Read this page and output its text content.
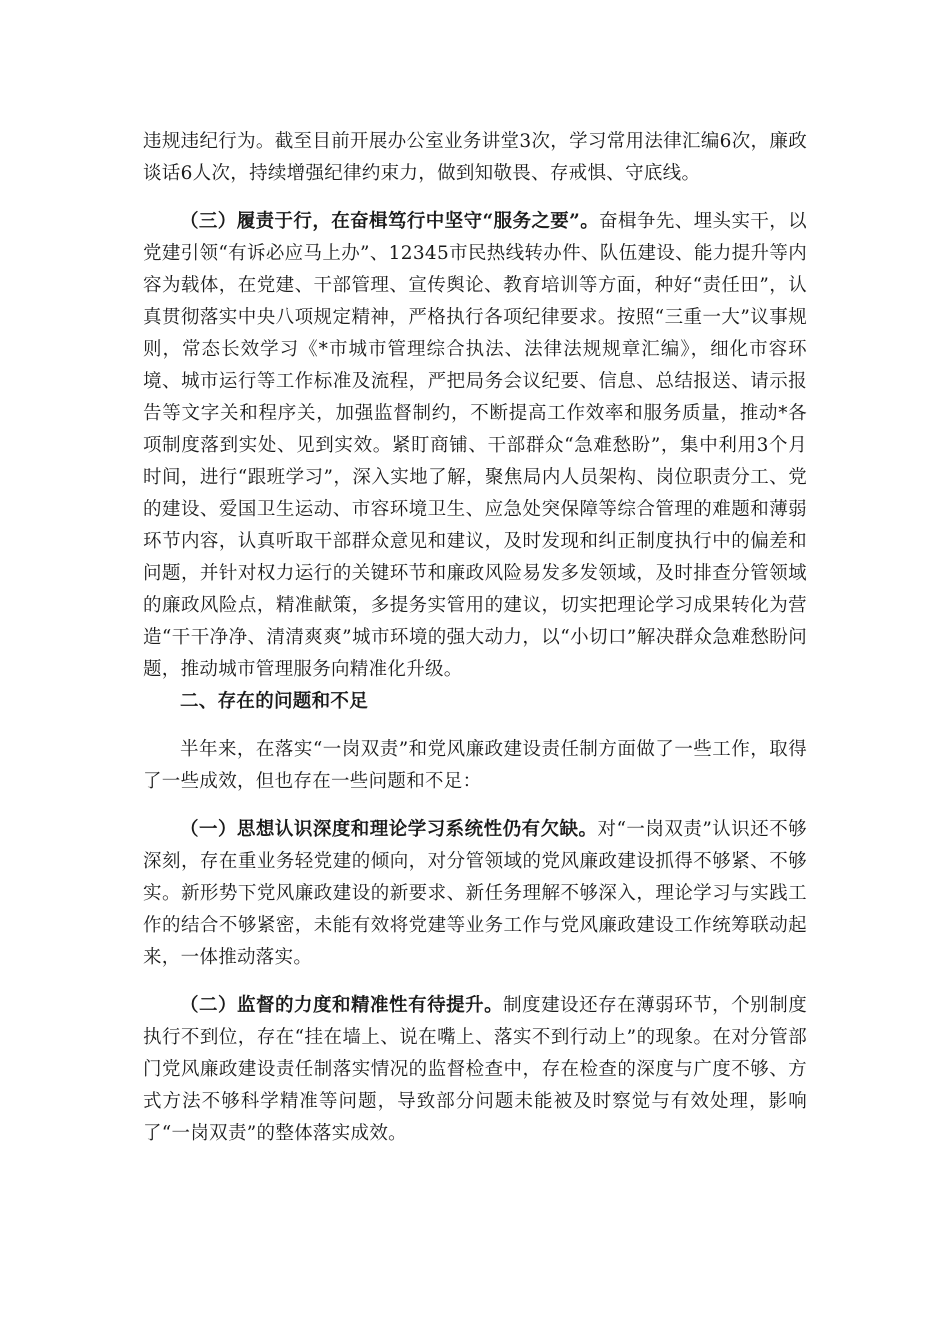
违规违纪行为。截至目前开展办公室业务讲堂3次，学习常用法律汇编6次，廉政谈话6人次，持续增强纪律约束力，做到知敬畏、存戒惧、守底线。

（三）履责于行，在奋楫笃行中坚守“服务之要”。奋楫争先、埋头实干，以党建引领“有诉必应马上办”、12345市民热线转办件、队伍建设、能力提升等内容为载体，在党建、干部管理、宣传舆论、教育培训等方面，种好“责任田”，认真贯彻落实中央八项规定精神，严格执行各项纪律要求。按照“三重一大”议事规则，常态长效学习《*市城市管理综合执法、法律法规规章汇编》，细化市容环境、城市运行等工作标准及流程，严把局务会议纪要、信息、总结报送、请示报告等文字关和程序关，加强监督制约，不断提高工作效率和服务质量，推动*各项制度落到实处、见到实效。紧盯商铺、干部群众“急难愁盼”，集中利用3个月时间，进行“跟班学习”，深入实地了解，聚焦局内人员架构、岗位职责分工、党的建设、爱国卫生运动、市容环境卫生、应急处突保障等综合管理的难题和薄弱环节内容，认真听取干部群众意见和建议，及时发现和纠正制度执行中的偏差和问题，并针对权力运行的关键环节和廉政风险易发多发领域，及时排查分管领域的廉政风险点，精准献策，多提务实管用的建议，切实把理论学习成果转化为营造“干干净净、清清爽爽”城市环境的强大动力，以“小切口”解决群众急难愁盼问题，推动城市管理服务向精准化升级。

二、存在的问题和不足

半年来，在落实“一岗双责”和党风廉政建设责任制方面做了一些工作，取得了一些成效，但也存在一些问题和不足：

（一）思想认识深度和理论学习系统性仍有欠缺。对“一岗双责”认识还不够深刻，存在重业务轻党建的倾向，对分管领域的党风廉政建设抓得不够紧、不够实。新形势下党风廉政建设的新要求、新任务理解不够深入，理论学习与实践工作的结合不够紧密，未能有效将党建等业务工作与党风廉政建设工作统筹联动起来，一体推动落实。

（二）监督的力度和精准性有待提升。制度建设还存在薄弱环节，个别制度执行不到位，存在“挂在墙上、说在嘴上、落实不到行动上”的现象。在对分管部门党风廉政建设责任制落实情况的监督检查中，存在检查的深度与广度不够、方式方法不够科学精准等问题，导致部分问题未能被及时察觉与有效处理，影响了“一岗双责”的整体落实成效。
